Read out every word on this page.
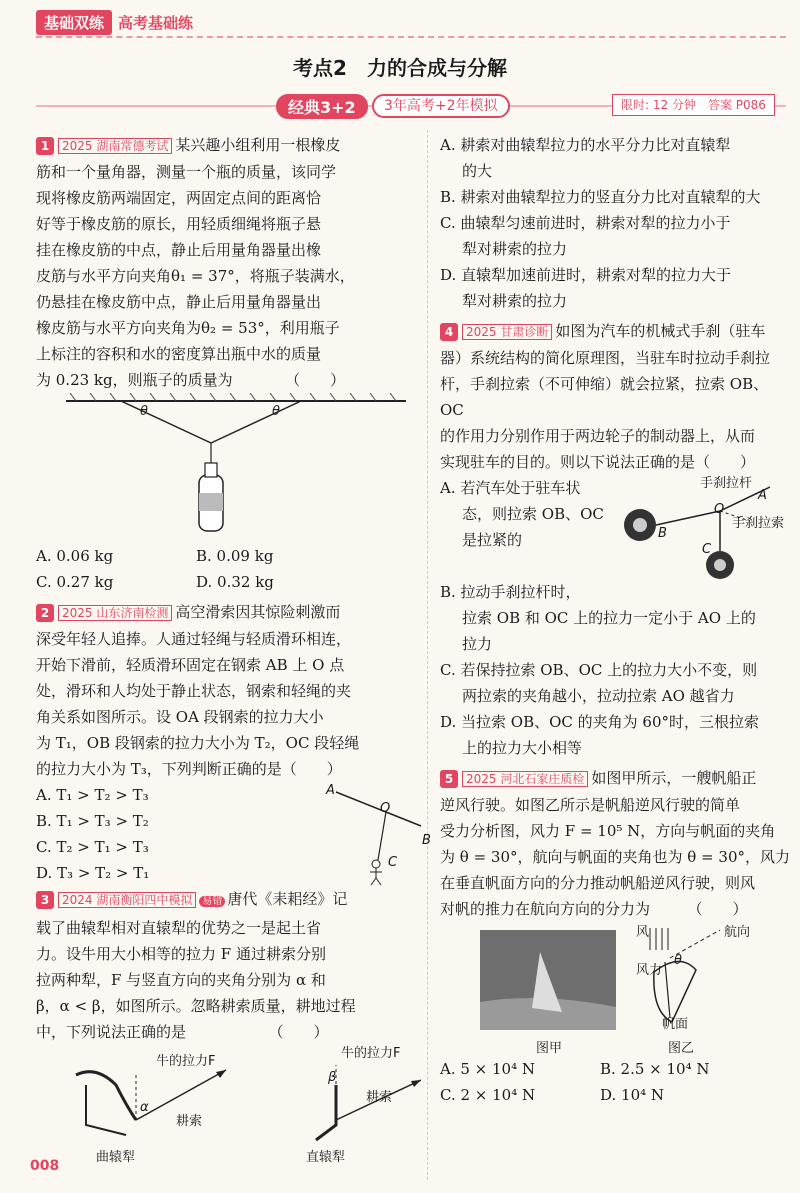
基础双练 高考基础练
考点2　力的合成与分解
经典3+2	3年高考+2年模拟	限时: 12 分钟　答案 P086

1 2025 湖南常德考试 某兴趣小组利用一根橡皮

筋和一个量角器，测量一个瓶的质量，该同学

现将橡皮筋两端固定，两固定点间的距离恰

好等于橡皮筋的原长，用轻质细绳将瓶子悬

挂在橡皮筋的中点，静止后用量角器量出橡

皮筋与水平方向夹角θ₁ = 37°，将瓶子装满水，

仍悬挂在橡皮筋中点，静止后用量角器量出

橡皮筋与水平方向夹角为θ₂ = 53°，利用瓶子

上标注的容积和水的密度算出瓶中水的质量

为 0.23 kg，则瓶子的质量为　　　　（　　）

θ	θ

A. 0.06 kg	B. 0.09 kg

C. 0.27 kg	D. 0.32 kg

2 2025 山东济南检测 高空滑索因其惊险刺激而

深受年轻人追捧。人通过轻绳与轻质滑环相连，

开始下滑前，轻质滑环固定在钢索 AB 上 O 点

处，滑环和人均处于静止状态，钢索和轻绳的夹

角关系如图所示。设 OA 段钢索的拉力大小

为 T₁，OB 段钢索的拉力大小为 T₂，OC 段轻绳

的拉力大小为 T₃，下列判断正确的是（　　）

A. T₁ > T₂ > T₃

B. T₁ > T₃ > T₂

C. T₂ > T₁ > T₃

D. T₃ > T₂ > T₁

A
O
B
C

3 2024 湖南衡阳四中模拟 易错 唐代《耒耜经》记

载了曲辕犁相对直辕犁的优势之一是起土省

力。设牛用大小相等的拉力 F 通过耕索分别

拉两种犁，F 与竖直方向的夹角分别为 α 和

β，α < β，如图所示。忽略耕索质量，耕地过程

中，下列说法正确的是　　　　　　（　　）

牛的拉力F
耕索
α
曲辕犁
牛的拉力F
耕索
β
直辕犁

A. 耕索对曲辕犁拉力的水平分力比对直辕犁

的大

B. 耕索对曲辕犁拉力的竖直分力比对直辕犁的大

C. 曲辕犁匀速前进时，耕索对犁的拉力小于

犁对耕索的拉力

D. 直辕犁加速前进时，耕索对犁的拉力大于

犁对耕索的拉力

4 2025 甘肃诊断 如图为汽车的机械式手刹（驻车

器）系统结构的简化原理图，当驻车时拉动手刹拉

杆，手刹拉索（不可伸缩）就会拉紧，拉索 OB、OC

的作用力分别作用于两边轮子的制动器上，从而

实现驻车的目的。则以下说法正确的是（　　）

A. 若汽车处于驻车状

态，则拉索 OB、OC

是拉紧的

手刹拉杆
A
O
手刹拉索
B
C

B. 拉动手刹拉杆时，

拉索 OB 和 OC 上的拉力一定小于 AO 上的

拉力

C. 若保持拉索 OB、OC 上的拉力大小不变，则

两拉索的夹角越小，拉动拉索 AO 越省力

D. 当拉索 OB、OC 的夹角为 60°时，三根拉索

上的拉力大小相等

5 2025 河北石家庄质检 如图甲所示，一艘帆船正

逆风行驶。如图乙所示是帆船逆风行驶的简单

受力分析图，风力 F = 10⁵ N，方向与帆面的夹角

为 θ = 30°，航向与帆面的夹角也为 θ = 30°，风力

在垂直帆面方向的分力推动帆船逆风行驶，则风

对帆的推力在航向方向的分力为　　　（　　）

风	航向
风力
θ
帆面
图甲	图乙

A. 5 × 10⁴ N	B. 2.5 × 10⁴ N

C. 2 × 10⁴ N	D. 10⁴ N

008
